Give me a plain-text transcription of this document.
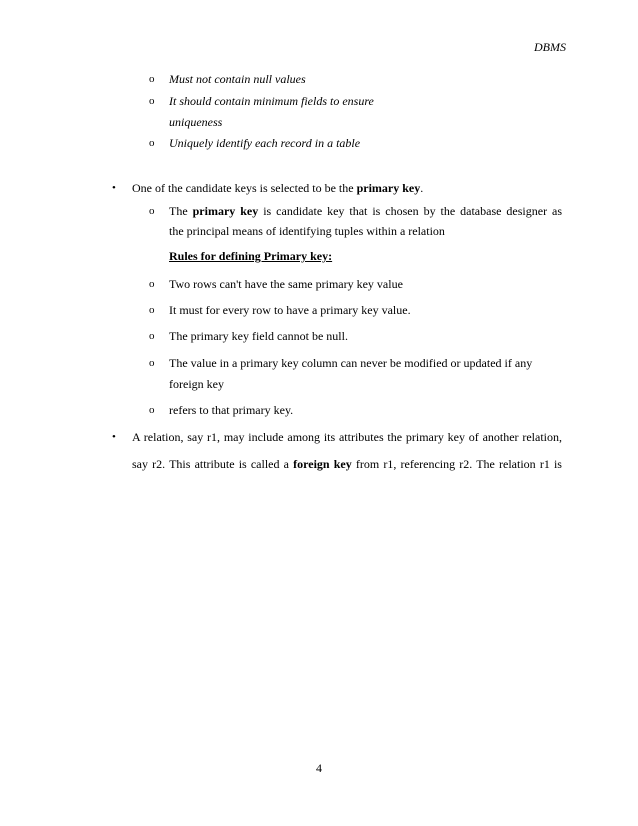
DBMS
o Must not contain null values
o It should contain minimum fields to ensure
uniqueness
o Uniquely identify each record in a table
• One of the candidate keys is selected to be the primary key.
o The primary key is candidate key that is chosen by the database designer as
the principal means of identifying tuples within a relation
Rules for defining Primary key:
o Two rows can't have the same primary key value
o It must for every row to have a primary key value.
o The primary key field cannot be null.
o The value in a primary key column can never be modified or updated if any
foreign key
o refers to that primary key.
• A relation, say r1, may include among its attributes the primary key of another relation,
say r2. This attribute is called a foreign key from r1, referencing r2. The relation r1 is
4
